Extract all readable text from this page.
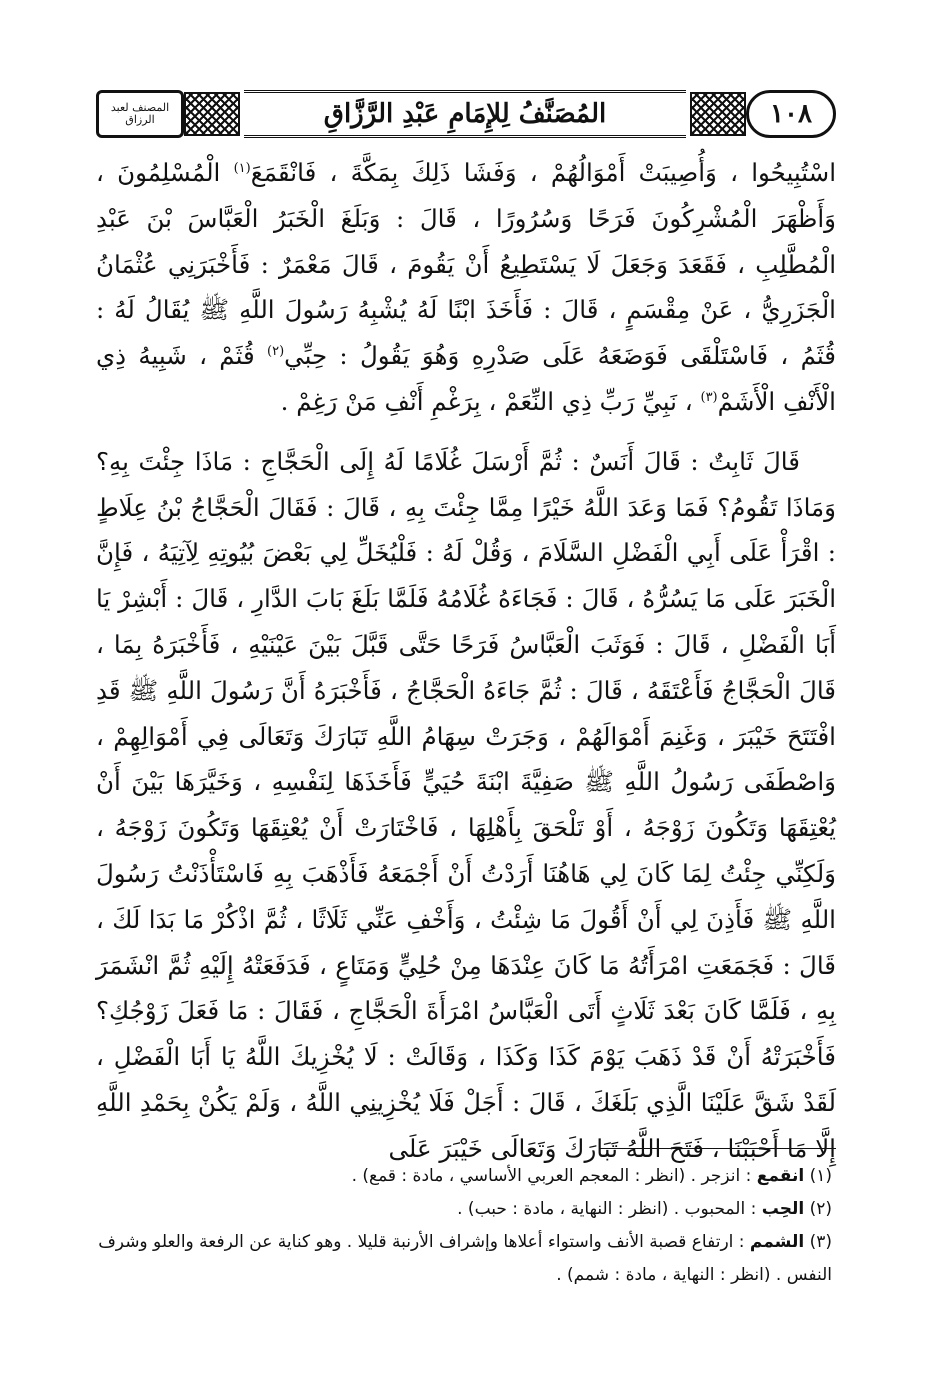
المصنف لعبد الرزاق	المُصَنَّفُ لِلإِمَامِ عَبْدِ الرَّزَّاقِ	١٠٨

اسْتُبِيحُوا ، وَأُصِيبَتْ أَمْوَالُهُمْ ، وَفَشَا ذَلِكَ بِمَكَّةَ ، فَانْقَمَعَ$^{(١)}$ الْمُسْلِمُونَ ، وَأَظْهَرَ الْمُشْرِكُونَ فَرَحًا وَسُرُورًا ، قَالَ : وَبَلَغَ الْخَبَرُ الْعَبَّاسَ بْنَ عَبْدِ الْمُطَّلِبِ ، فَقَعَدَ وَجَعَلَ لَا يَسْتَطِيعُ أَنْ يَقُومَ ، قَالَ مَعْمَرٌ : فَأَخْبَرَنِي عُثْمَانُ الْجَزَرِيُّ ، عَنْ مِقْسَمٍ ، قَالَ : فَأَخَذَ ابْنًا لَهُ يُشْبِهُ رَسُولَ اللَّهِ ﷺ يُقَالُ لَهُ : قُثَمُ ، فَاسْتَلْقَى فَوَضَعَهُ عَلَى صَدْرِهِ وَهُوَ يَقُولُ : حِبِّي$^{(٢)}$ قُثَمْ ، شَبِيهُ ذِي الْأَنْفِ الْأَشَمْ$^{(٣)}$ ، نَبِيِّ رَبِّ ذِي النِّعَمْ ، بِرَغْمِ أَنْفِ مَنْ رَغِمْ .

قَالَ ثَابِتٌ : قَالَ أَنَسٌ : ثُمَّ أَرْسَلَ غُلَامًا لَهُ إِلَى الْحَجَّاجِ : مَاذَا جِئْتَ بِهِ؟ وَمَاذَا تَقُومُ؟ فَمَا وَعَدَ اللَّهُ خَيْرًا مِمَّا جِئْتَ بِهِ ، قَالَ : فَقَالَ الْحَجَّاجُ بْنُ عِلَاطٍ : اقْرَأْ عَلَى أَبِي الْفَضْلِ السَّلَامَ ، وَقُلْ لَهُ : فَلْيُخَلِّ لِي بَعْضَ بُيُوتِهِ لِآتِيَهُ ، فَإِنَّ الْخَبَرَ عَلَى مَا يَسُرُّهُ ، قَالَ : فَجَاءَهُ غُلَامُهُ فَلَمَّا بَلَغَ بَابَ الدَّارِ ، قَالَ : أَبْشِرْ يَا أَبَا الْفَضْلِ ، قَالَ : فَوَثَبَ الْعَبَّاسُ فَرَحًا حَتَّى قَبَّلَ بَيْنَ عَيْنَيْهِ ، فَأَخْبَرَهُ بِمَا ، قَالَ الْحَجَّاجُ فَأَعْتَقَهُ ، قَالَ : ثُمَّ جَاءَهُ الْحَجَّاجُ ، فَأَخْبَرَهُ أَنَّ رَسُولَ اللَّهِ ﷺ قَدِ افْتَتَحَ خَيْبَرَ ، وَغَنِمَ أَمْوَالَهُمْ ، وَجَرَتْ سِهَامُ اللَّهِ تَبَارَكَ وَتَعَالَى فِي أَمْوَالِهِمْ ، وَاصْطَفَى رَسُولُ اللَّهِ ﷺ صَفِيَّةَ ابْنَةَ حُيَيٍّ فَأَخَذَهَا لِنَفْسِهِ ، وَخَيَّرَهَا بَيْنَ أَنْ يُعْتِقَهَا وَتَكُونَ زَوْجَهُ ، أَوْ تَلْحَقَ بِأَهْلِهَا ، فَاخْتَارَتْ أَنْ يُعْتِقَهَا وَتَكُونَ زَوْجَهُ ، وَلَكِنِّي جِئْتُ لِمَا كَانَ لِي هَاهُنَا أَرَدْتُ أَنْ أَجْمَعَهُ فَأَذْهَبَ بِهِ فَاسْتَأْذَنْتُ رَسُولَ اللَّهِ ﷺ فَأَذِنَ لِي أَنْ أَقُولَ مَا شِئْتُ ، وَأَخْفِ عَنِّي ثَلَاثًا ، ثُمَّ اذْكُرْ مَا بَدَا لَكَ ، قَالَ : فَجَمَعَتِ امْرَأَتُهُ مَا كَانَ عِنْدَهَا مِنْ حُلِيٍّ وَمَتَاعٍ ، فَدَفَعَتْهُ إِلَيْهِ ثُمَّ انْشَمَرَ بِهِ ، فَلَمَّا كَانَ بَعْدَ ثَلَاثٍ أَتَى الْعَبَّاسُ امْرَأَةَ الْحَجَّاجِ ، فَقَالَ : مَا فَعَلَ زَوْجُكِ؟ فَأَخْبَرَتْهُ أَنْ قَدْ ذَهَبَ يَوْمَ كَذَا وَكَذَا ، وَقَالَتْ : لَا يُخْزِيكَ اللَّهُ يَا أَبَا الْفَضْلِ ، لَقَدْ شَقَّ عَلَيْنَا الَّذِي بَلَغَكَ ، قَالَ : أَجَلْ فَلَا يُخْزِينِي اللَّهُ ، وَلَمْ يَكُنْ بِحَمْدِ اللَّهِ إِلَّا مَا أَحْبَبْنَا ، فَتَحَ اللَّهُ تَبَارَكَ وَتَعَالَى خَيْبَرَ عَلَى

(١) انقمع : انزجر . (انظر : المعجم العربي الأساسي ، مادة : قمع) .

(٢) الحِب : المحبوب . (انظر : النهاية ، مادة : حبب) .

(٣) الشمم : ارتفاع قصبة الأنف واستواء أعلاها وإشراف الأرنبة قليلا . وهو كناية عن الرفعة والعلو وشرف النفس . (انظر : النهاية ، مادة : شمم) .
